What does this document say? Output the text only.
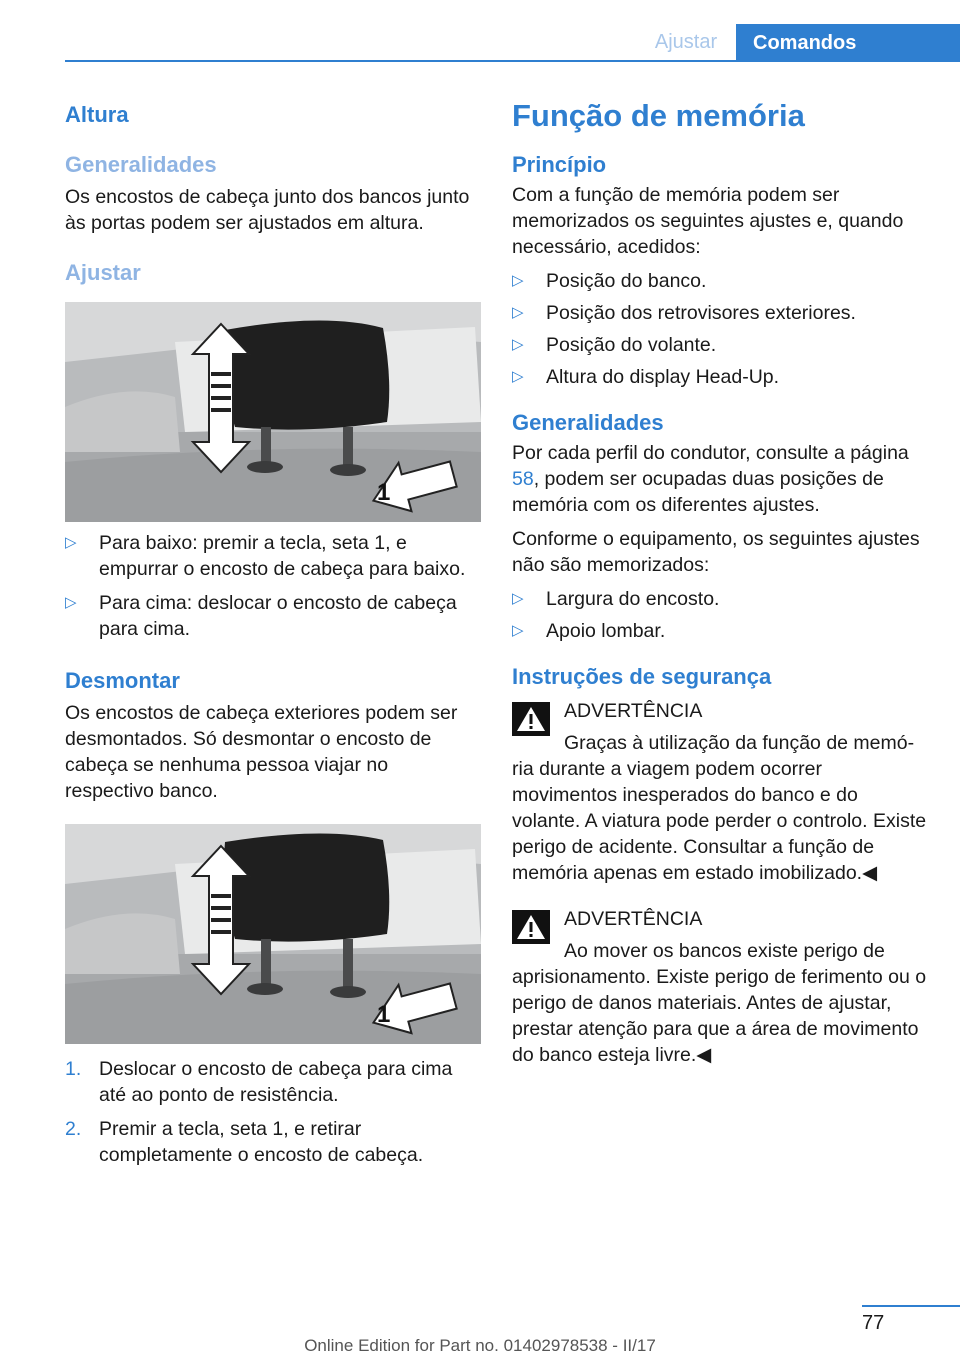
Ajustar	Comandos
Altura
Generalidades

Os encostos de cabeça junto dos bancos junto às portas podem ser ajustados em altura.

Ajustar
1
▷ Para baixo: premir a tecla, seta 1, e empurrar o encosto de cabeça para baixo.
▷ Para cima: deslocar o encosto de cabeça para cima.
Desmontar

Os encostos de cabeça exteriores podem ser desmontados. Só desmontar o encosto de cabeça se nenhuma pessoa viajar no respectivo banco.

1
1. Deslocar o encosto de cabeça para cima até ao ponto de resistência.
2. Premir a tecla, seta 1, e retirar completamente o encosto de cabeça.
Função de memória
Princípio

Com a função de memória podem ser memorizados os seguintes ajustes e, quando necessário, acedidos:

▷ Posição do banco.
▷ Posição dos retrovisores exteriores.
▷ Posição do volante.
▷ Altura do display Head-Up.
Generalidades

Por cada perfil do condutor, consulte a página 58, podem ser ocupadas duas posições de memória com os diferentes ajustes.

Conforme o equipamento, os seguintes ajustes não são memorizados:

▷ Largura do encosto.
▷ Apoio lombar.
Instruções de segurança
ADVERTÊNCIA
Graças à utilização da função de memó-

ria durante a viagem podem ocorrer movimentos inesperados do banco e do volante. A viatura pode perder o controlo. Existe perigo de acidente. Consultar a função de memória apenas em estado imobilizado.◀

ADVERTÊNCIA
Ao mover os bancos existe perigo de

aprisionamento. Existe perigo de ferimento ou o perigo de danos materiais. Antes de ajustar, prestar atenção para que a área de movimento do banco esteja livre.◀

77
Online Edition for Part no. 01402978538 - II/17
